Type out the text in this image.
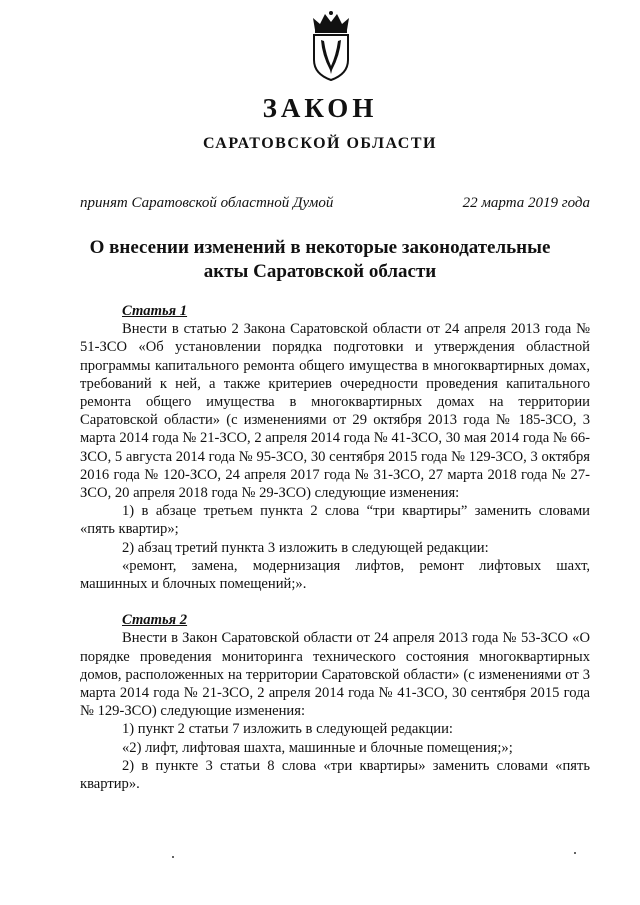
ЗАКОН
САРАТОВСКОЙ ОБЛАСТИ
принят Саратовской областной Думой	22 марта 2019 года
О внесении изменений в некоторые законодательные
акты Саратовской области
Статья 1

Внести в статью 2 Закона Саратовской области от 24 апреля 2013 года № 51-ЗСО «Об установлении порядка подготовки и утверждения областной программы капитального ремонта общего имущества в многоквартирных домах, требований к ней, а также критериев очередности проведения капитального ремонта общего имущества в многоквартирных домах на территории Саратовской области» (с изменениями от 29 октября 2013 года № 185-ЗСО, 3 марта 2014 года № 21-ЗСО, 2 апреля 2014 года № 41-ЗСО, 30 мая 2014 года № 66-ЗСО, 5 августа 2014 года № 95-ЗСО, 30 сентября 2015 года № 129-ЗСО, 3 октября 2016 года № 120-ЗСО, 24 апреля 2017 года № 31-ЗСО, 27 марта 2018 года № 27-ЗСО, 20 апреля 2018 года № 29-ЗСО) следующие изменения:

1) в абзаце третьем пункта 2 слова “три квартиры” заменить словами «пять квартир»;

2) абзац третий пункта 3 изложить в следующей редакции:

«ремонт, замена, модернизация лифтов, ремонт лифтовых шахт, машинных и блочных помещений;».

Статья 2

Внести в Закон Саратовской области от 24 апреля 2013 года № 53-ЗСО «О порядке проведения мониторинга технического состояния многоквартирных домов, расположенных на территории Саратовской области» (с изменениями от 3 марта 2014 года № 21-ЗСО, 2 апреля 2014 года № 41-ЗСО, 30 сентября 2015 года № 129-ЗСО) следующие изменения:

1) пункт 2 статьи 7 изложить в следующей редакции:

«2) лифт, лифтовая шахта, машинные и блочные помещения;»;

2) в пункте 3 статьи 8 слова «три квартиры» заменить словами «пять квартир».
